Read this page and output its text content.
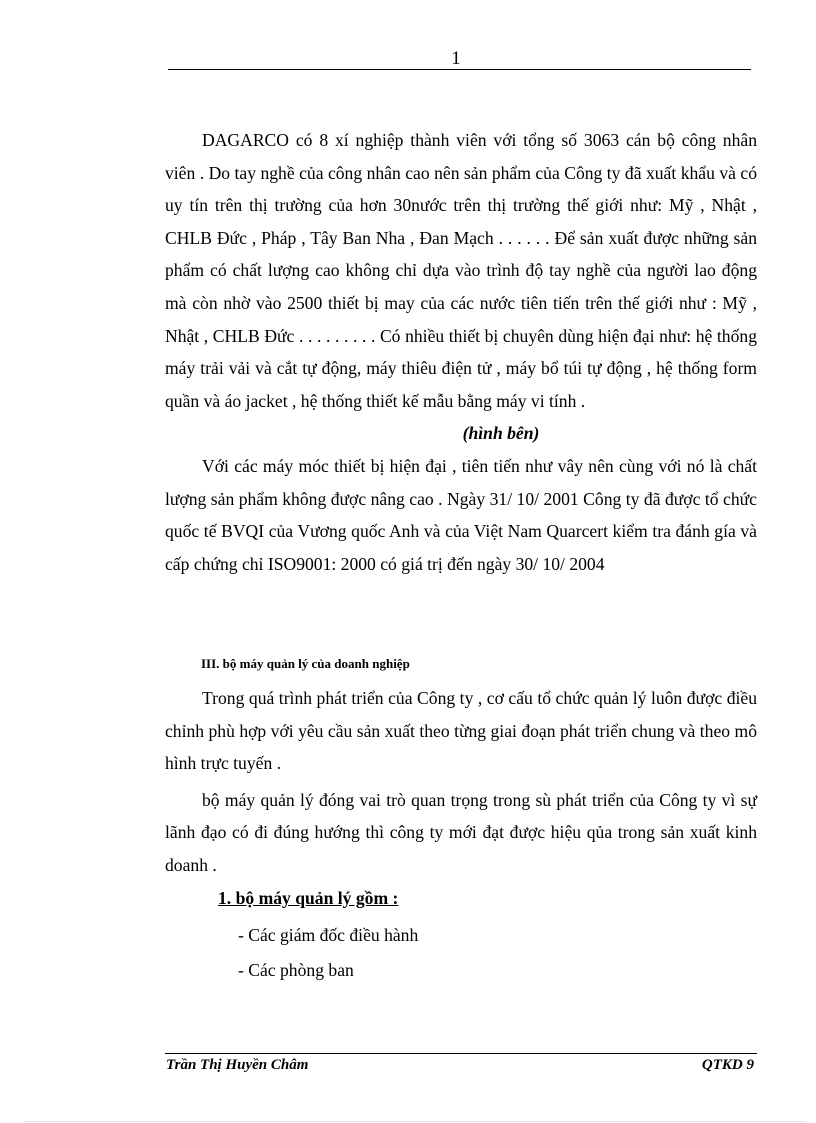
1

DAGARCO có 8 xí nghiệp thành viên với tổng số 3063 cán bộ công nhân viên . Do tay nghề của công nhân cao nên sản phẩm của Công ty đã xuất khẩu và có uy tín trên thị trường của hơn 30nước trên thị trường thế giới như: Mỹ , Nhật , CHLB Đức , Pháp , Tây Ban Nha , Đan Mạch . . . . . . Để sản xuất được những sản phẩm có chất lượng cao không chỉ dựa vào trình độ tay nghề của người lao động mà còn nhờ vào 2500 thiết bị may của các nước tiên tiến trên thế giới như : Mỹ , Nhật , CHLB Đức . . . . . . . . . Có nhiều thiết bị chuyên dùng hiện đại như: hệ thống máy trải vải và cắt tự động, máy thiêu điện tử , máy bổ túi tự động , hệ thống form quần và áo jacket , hệ thống thiết kế mẫu bằng máy vi tính .

(hình bên)

Với các máy móc thiết bị hiện đại , tiên tiến như vây nên cùng với nó là chất lượng sản phẩm không được nâng cao . Ngày 31/ 10/ 2001 Công ty đã được tổ chức quốc tế BVQI của Vương quốc Anh và của Việt Nam Quarcert kiểm tra đánh gía và cấp chứng chỉ ISO9001: 2000 có giá trị đến ngày 30/ 10/ 2004

III. bộ máy quản lý của doanh nghiệp

Trong quá trình phát triển của Công ty , cơ cấu tổ chức quản lý luôn được điều chỉnh phù hợp với yêu cầu sản xuất theo từng giai đoạn phát triển chung và theo mô hình trực tuyến .

bộ máy quản lý đóng vai trò quan trọng trong sù phát triển của Công ty vì sự lãnh đạo có đi đúng hướng thì công ty mới đạt được hiệu qủa trong sản xuất kinh doanh .

1. bộ máy quản lý gồm :
- Các giám đốc điều hành
- Các phòng ban
Trần Thị Huyền Châm	QTKD 9
